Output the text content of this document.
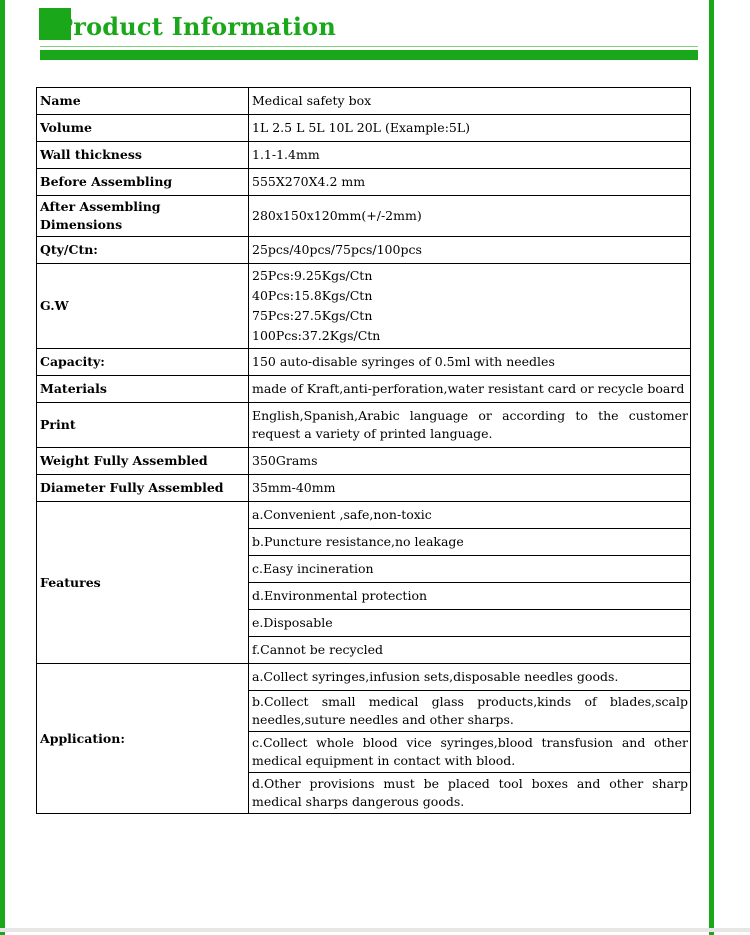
Product Information
Name	Medical safety box
Volume	1L 2.5 L 5L 10L 20L (Example:5L)
Wall thickness	1.1-1.4mm
Before Assembling	555X270X4.2 mm
After Assembling Dimensions	280x150x120mm(+/-2mm)
Qty/Ctn:	25pcs/40pcs/75pcs/100pcs
G.W	25Pcs:9.25Kgs/Ctn
40Pcs:15.8Kgs/Ctn
75Pcs:27.5Kgs/Ctn
100Pcs:37.2Kgs/Ctn

Capacity:	150 auto-disable syringes of 0.5ml with needles
Materials	made of Kraft,anti-perforation,water resistant card or recycle board
Print	English,Spanish,Arabic language or according to the customer request a variety of printed language.
Weight Fully Assembled	350Grams
Diameter Fully Assembled	35mm-40mm
Features	a.Convenient ,safe,non-toxic
	b.Puncture resistance,no leakage
	c.Easy incineration
	d.Environmental protection
	e.Disposable
	f.Cannot be recycled
Application:	a.Collect syringes,infusion sets,disposable needles goods.
	b.Collect small medical glass products,kinds of blades,scalp needles,suture needles and other sharps.
	c.Collect whole blood vice syringes,blood transfusion and other medical equipment in contact with blood.
	d.Other provisions must be placed tool boxes and other sharp medical sharps dangerous goods.
